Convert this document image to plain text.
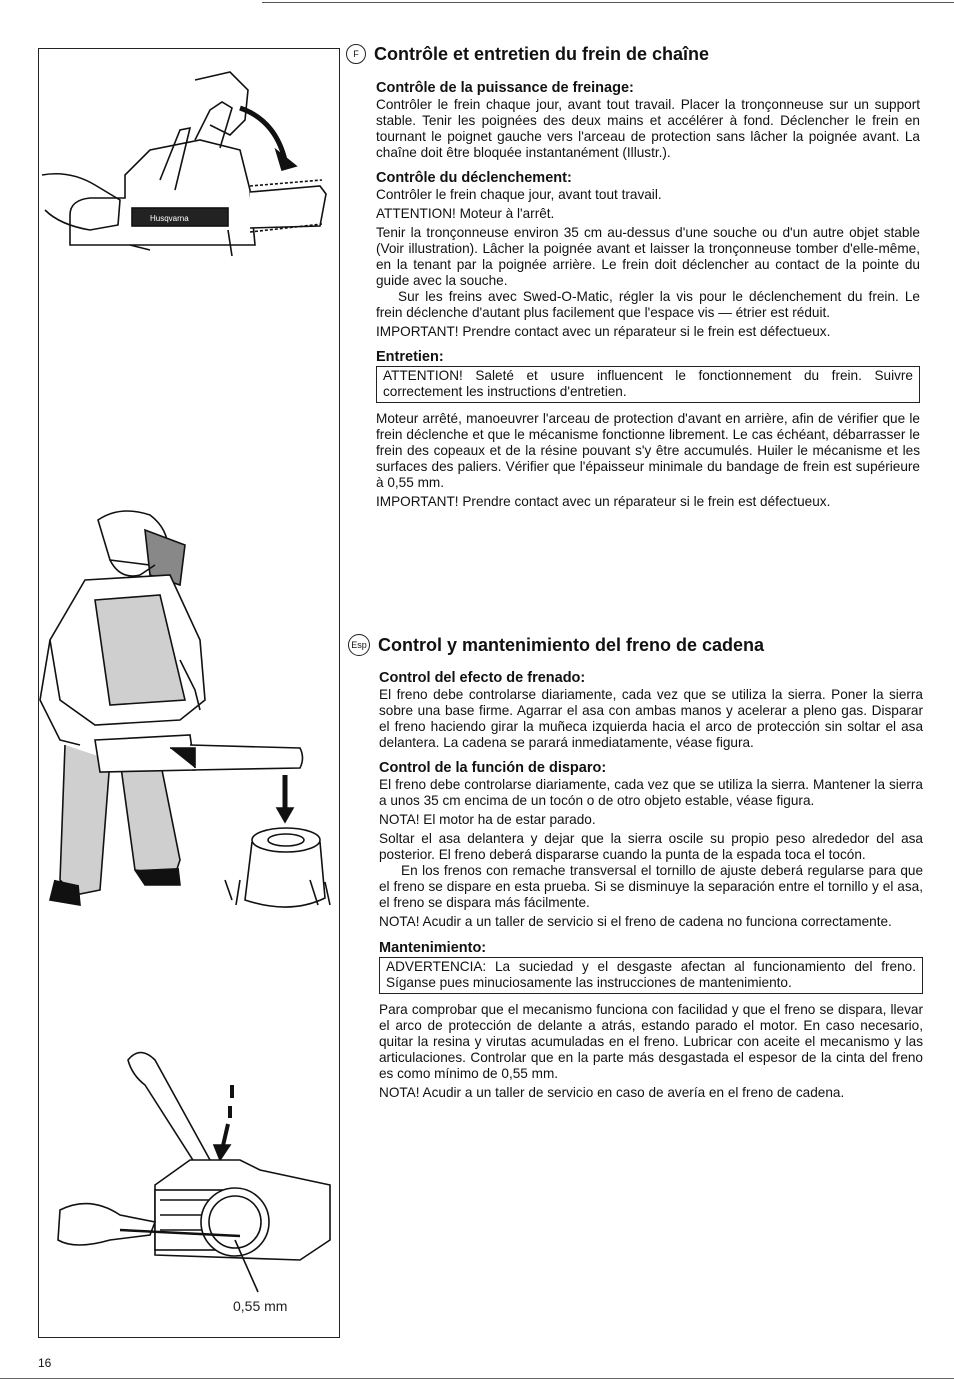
Husqvarna
0,55 mm
F Contrôle et entretien du frein de chaîne
Contrôle de la puissance de freinage:

Contrôler le frein chaque jour, avant tout travail. Placer la tronçonneuse sur un support stable. Tenir les poignées des deux mains et accélérer à fond. Déclencher le frein en tournant le poignet gauche vers l'arceau de protection sans lâcher la poignée avant. La chaîne doit être bloquée instantanément (Illustr.).

Contrôle du déclenchement:

Contrôler le frein chaque jour, avant tout travail.

ATTENTION! Moteur à l'arrêt.

Tenir la tronçonneuse environ 35 cm au-dessus d'une souche ou d'un autre objet stable (Voir illustration). Lâcher la poignée avant et laisser la tronçonneuse tomber d'elle-même, en la tenant par la poignée arrière. Le frein doit déclencher au contact de la pointe du guide avec la souche.

Sur les freins avec Swed-O-Matic, régler la vis pour le déclenchement du frein. Le frein déclenche d'autant plus facilement que l'espace vis — étrier est réduit.

IMPORTANT! Prendre contact avec un réparateur si le frein est défectueux.

Entretien:

ATTENTION! Saleté et usure influencent le fonctionnement du frein. Suivre correctement les instructions d'entretien.

Moteur arrêté, manoeuvrer l'arceau de protection d'avant en arrière, afin de vérifier que le frein déclenche et que le mécanisme fonctionne librement. Le cas échéant, débarrasser le frein des copeaux et de la résine pouvant s'y être accumulés. Huiler le mécanisme et les surfaces des paliers. Vérifier que l'épaisseur minimale du bandage de frein est supérieure à 0,55 mm.

IMPORTANT! Prendre contact avec un réparateur si le frein est défectueux.

Esp Control y mantenimiento del freno de cadena
Control del efecto de frenado:

El freno debe controlarse diariamente, cada vez que se utiliza la sierra. Poner la sierra sobre una base firme. Agarrar el asa con ambas manos y acelerar a pleno gas. Disparar el freno haciendo girar la muñeca izquierda hacia el arco de protección sin soltar el asa delantera. La cadena se parará inmediatamente, véase figura.

Control de la función de disparo:

El freno debe controlarse diariamente, cada vez que se utiliza la sierra. Mantener la sierra a unos 35 cm encima de un tocón o de otro objeto estable, véase figura.

NOTA! El motor ha de estar parado.

Soltar el asa delantera y dejar que la sierra oscile su propio peso alrededor del asa posterior. El freno deberá dispararse cuando la punta de la espada toca el tocón.

En los frenos con remache transversal el tornillo de ajuste deberá regularse para que el freno se dispare en esta prueba. Si se disminuye la separación entre el tornillo y el asa, el freno se dispara más fácilmente.

NOTA! Acudir a un taller de servicio si el freno de cadena no funciona correctamente.

Mantenimiento:

ADVERTENCIA: La suciedad y el desgaste afectan al funcionamiento del freno. Síganse pues minuciosamente las instrucciones de mantenimiento.

Para comprobar que el mecanismo funciona con facilidad y que el freno se dispara, llevar el arco de protección de delante a atrás, estando parado el motor. En caso necesario, quitar la resina y virutas acumuladas en el freno. Lubricar con aceite el mecanismo y las articulaciones. Controlar que en la parte más desgastada el espesor de la cinta del freno es como mínimo de 0,55 mm.

NOTA! Acudir a un taller de servicio en caso de avería en el freno de cadena.

16
